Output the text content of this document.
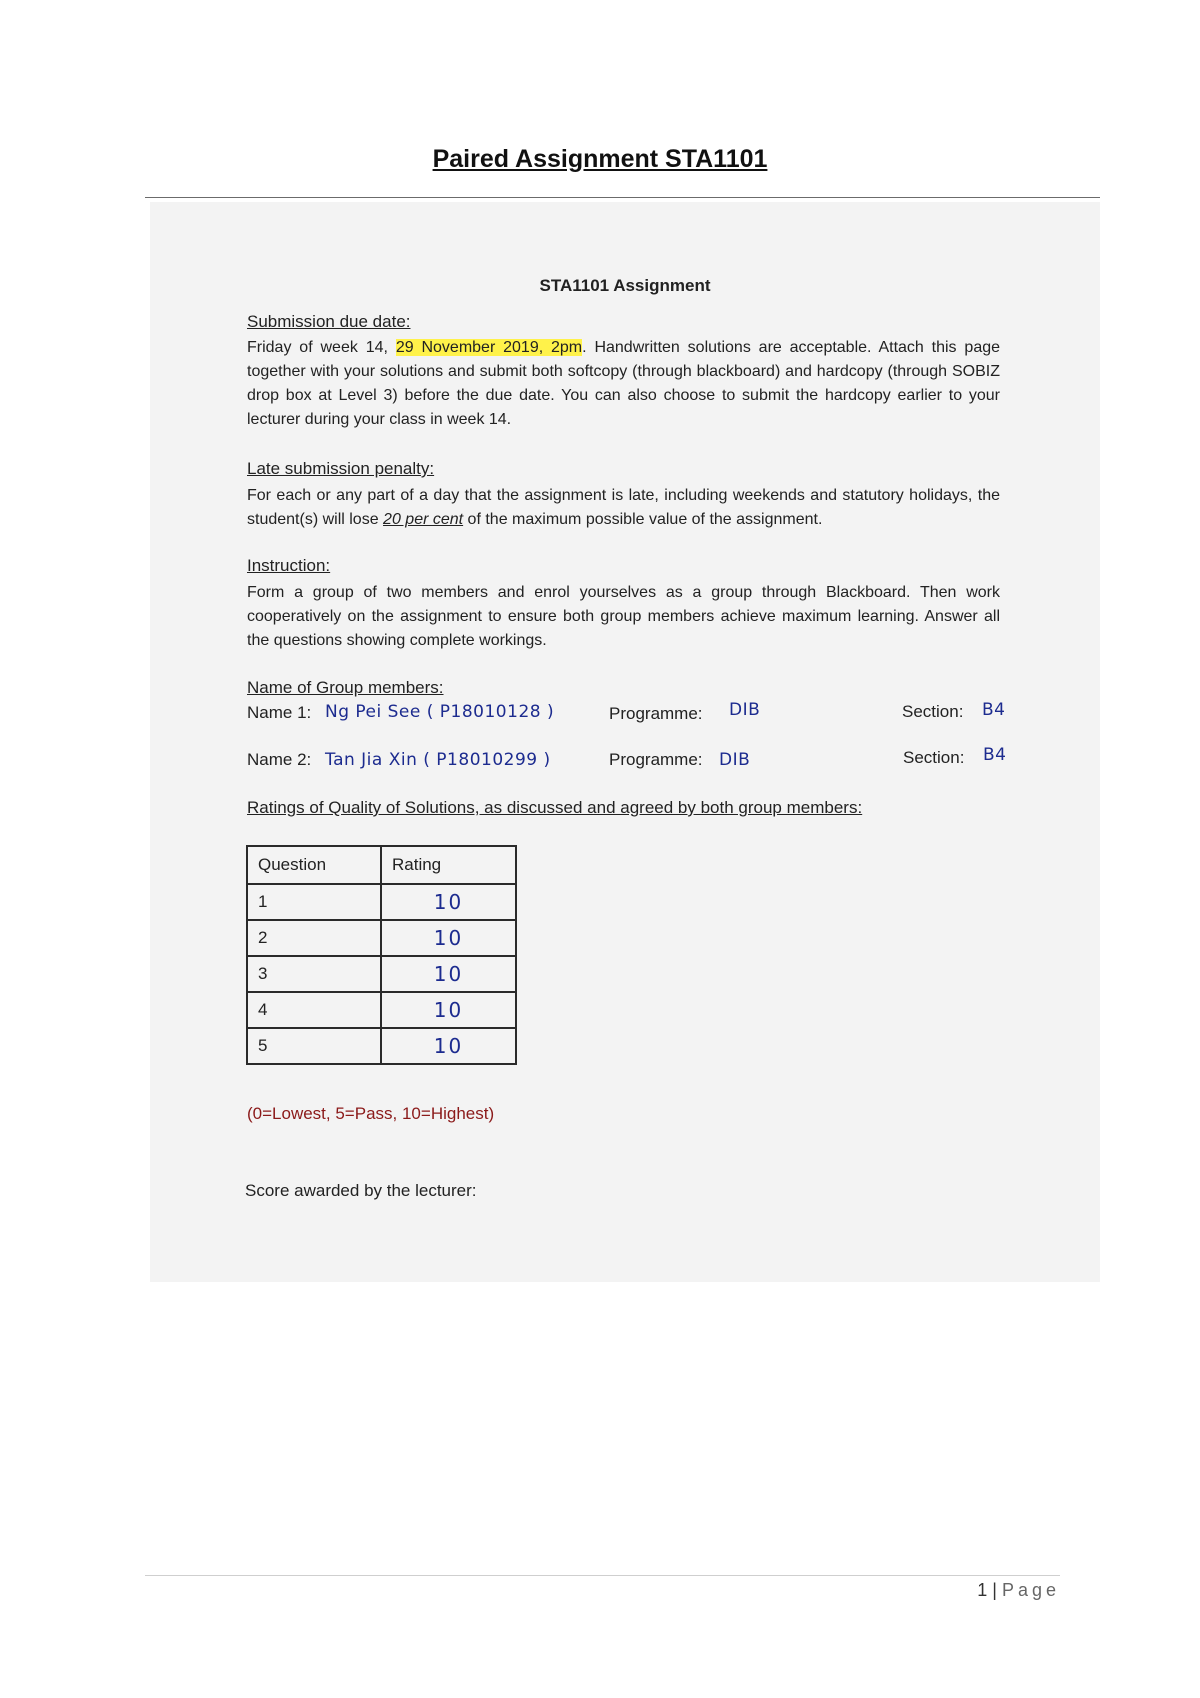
Paired Assignment STA1101
STA1101 Assignment
Submission due date:
Friday of week 14, 29 November 2019, 2pm. Handwritten solutions are acceptable. Attach this page together with your solutions and submit both softcopy (through blackboard) and hardcopy (through SOBIZ drop box at Level 3) before the due date. You can also choose to submit the hardcopy earlier to your lecturer during your class in week 14.
Late submission penalty:
For each or any part of a day that the assignment is late, including weekends and statutory holidays, the student(s) will lose 20 per cent of the maximum possible value of the assignment.
Instruction:
Form a group of two members and enrol yourselves as a group through Blackboard. Then work cooperatively on the assignment to ensure both group members achieve maximum learning. Answer all the questions showing complete workings.
Name of Group members:
Name 1: Ng Pei See ( P18010128 )	Programme: DIB	Section: B4
Name 2: Tan Jia Xin ( P18010299 )	Programme: DIB	Section: B4
Ratings of Quality of Solutions, as discussed and agreed by both group members:
Question	Rating
1	10
2	10
3	10
4	10
5	10
(0=Lowest, 5=Pass, 10=Highest)
Score awarded by the lecturer:
1 | Page
